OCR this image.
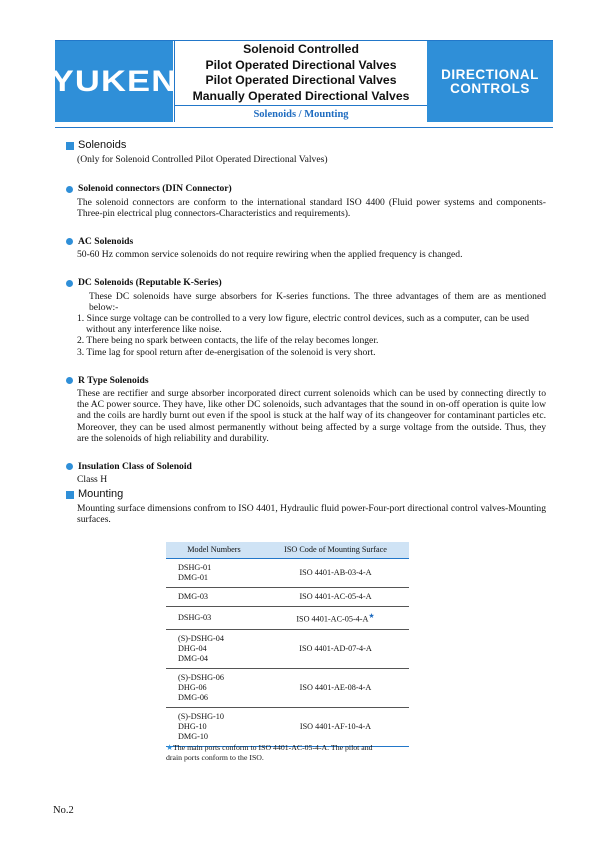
YUKEN
Solenoid Controlled
Pilot Operated Directional Valves
Pilot Operated Directional Valves
Manually Operated Directional Valves
Solenoids / Mounting
DIRECTIONAL
CONTROLS

Solenoids

(Only for Solenoid Controlled Pilot Operated Directional Valves)

Solenoid connectors (DIN Connector)

The solenoid connectors are conform to the international standard ISO 4400 (Fluid power systems and components-Three-pin electrical plug connectors-Characteristics and requirements).

AC Solenoids

50-60 Hz common service solenoids do not require rewiring when the applied frequency is changed.

DC Solenoids (Reputable K-Series)

These DC solenoids have surge absorbers for K-series functions. The three advantages of them are as mentioned below:-

1. Since surge voltage can be controlled to a very low figure, electric control devices, such as a computer, can be used without any interference like noise.
2. There being no spark between contacts, the life of the relay becomes longer.
3. Time lag for spool return after de-energisation of the solenoid is very short.

R Type Solenoids

These are rectifier and surge absorber incorporated direct current solenoids which can be used by connecting directly to the AC power source. They have, like other DC solenoids, such advantages that the sound in on-off operation is quite low and the coils are hardly burnt out even if the spool is stuck at the half way of its changeover for contaminant particles etc. Moreover, they can be used almost permanently without being affected by a surge voltage from the outside. Thus, they are the solenoids of high reliability and durability.

Insulation Class of Solenoid

Class H

Mounting

Mounting surface dimensions confrom to ISO 4401, Hydraulic fluid power-Four-port directional control valves-Mounting surfaces.

Model Numbers	ISO Code of Mounting Surface

DSHG-01
DMG-01	ISO 4401-AB-03-4-A

DMG-03	ISO 4401-AC-05-4-A

DSHG-03	ISO 4401-AC-05-4-A★

(S)-DSHG-04
DHG-04
DMG-04	ISO 4401-AD-07-4-A

(S)-DSHG-06
DHG-06
DMG-06	ISO 4401-AE-08-4-A

(S)-DSHG-10
DHG-10
DMG-10	ISO 4401-AF-10-4-A
★The main ports conform to ISO 4401-AC-05-4-A. The pilot and drain ports conform to the ISO.
No.2
